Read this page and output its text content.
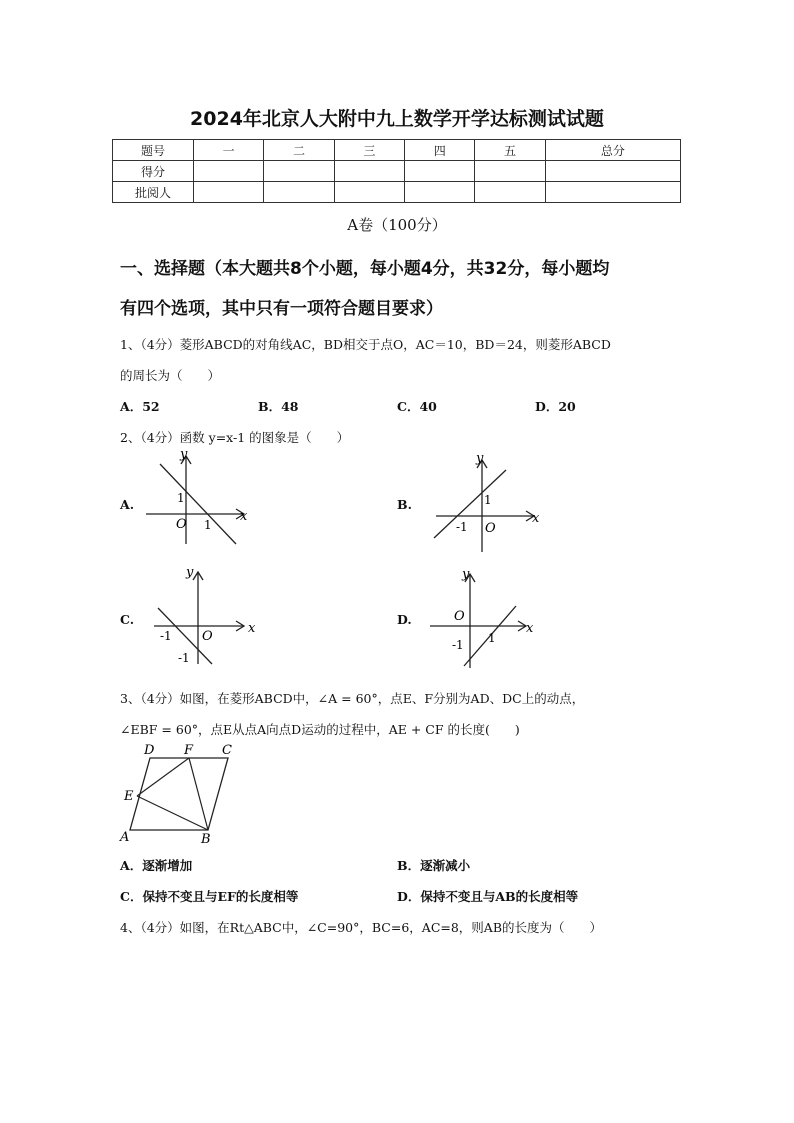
2024年北京人大附中九上数学开学达标测试试题
题号	一	二	三	四	五	总分
得分						
批阅人						
A卷（100分）
一、选择题（本大题共8个小题，每小题4分，共32分，每小题均
有四个选项，其中只有一项符合题目要求）
1、（4分）菱形ABCD的对角线AC，BD相交于点O，AC＝10，BD＝24，则菱形ABCD
的周长为（　　）
A．52	B．48	C．40	D．20
2、（4分）函数 y=x-1 的图象是（　　）
A.	B.
C.	D.
y
x
O
1
1
y
x
O
1
-1
y
x
O
-1
-1
y
x
O
1
-1
3、（4分）如图，在菱形ABCD中，∠A = 60°，点E、F分别为AD、DC上的动点，
∠EBF = 60°，点E从点A向点D运动的过程中，AE + CF 的长度(　　)
A	B
C
D
E
F
A．逐渐增加	B．逐渐减小
C．保持不变且与EF的长度相等	D．保持不变且与AB的长度相等
4、（4分）如图，在Rt△ABC中，∠C=90°，BC=6，AC=8，则AB的长度为（　　）
